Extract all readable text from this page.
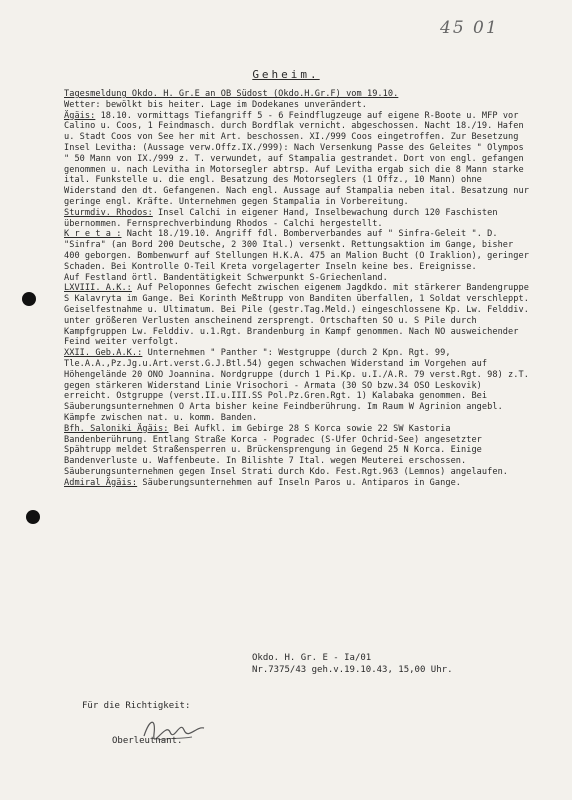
45 01
Geheim.

Tagesmeldung Okdo. H. Gr.E an OB Südost (Okdo.H.Gr.F) vom 19.10.

Wetter: bewölkt bis heiter. Lage im Dodekanes unverändert.

Ägäis: 18.10. vormittags Tiefangriff 5 - 6 Feindflugzeuge auf eigene R-Boote u. MFP vor Calino u. Coos, 1 Feindmasch. durch Bordflak vernicht. abgeschossen. Nacht 18./19. Hafen u. Stadt Coos von See her mit Art. beschossen. XI./999 Coos eingetroffen. Zur Besetzung Insel Levitha: (Aussage verw.Offz.IX./999): Nach Versenkung Passe des Geleites " Olympos " 50 Mann von IX./999 z. T. verwundet, auf Stampalia gestrandet. Dort von engl. gefangen genommen u. nach Levitha in Motorsegler abtrsp. Auf Levitha ergab sich die 8 Mann starke ital. Funkstelle u. die engl. Besatzung des Motorseglers (1 Offz., 10 Mann) ohne Widerstand den dt. Gefangenen. Nach engl. Aussage auf Stampalia neben ital. Besatzung nur geringe engl. Kräfte. Unternehmen gegen Stampalia in Vorbereitung.

Sturmdiv. Rhodos: Insel Calchi in eigener Hand, Inselbewachung durch 120 Faschisten übernommen. Fernsprechverbindung Rhodos - Calchi hergestellt.

K r e t a : Nacht 18./19.10. Angriff fdl. Bomberverbandes auf " Sinfra-Geleit ". D. "Sinfra" (an Bord 200 Deutsche, 2 300 Ital.) versenkt. Rettungsaktion im Gange, bisher 400 geborgen. Bombenwurf auf Stellungen H.K.A. 475 an Malion Bucht (O Iraklion), geringer Schaden. Bei Kontrolle O-Teil Kreta vorgelagerter Inseln keine bes. Ereignisse.

Auf Festland örtl. Bandentätigkeit Schwerpunkt S-Griechenland.

LXVIII. A.K.: Auf Peloponnes Gefecht zwischen eigenem Jagdkdo. mit stärkerer Bandengruppe S Kalavryta im Gange. Bei Korinth Meßtrupp von Banditen überfallen, 1 Soldat verschleppt. Geiselfestnahme u. Ultimatum. Bei Pile (gestr.Tag.Meld.) eingeschlossene Kp. Lw. Felddiv. unter größeren Verlusten anscheinend zersprengt. Ortschaften SO u. S Pile durch Kampfgruppen Lw. Felddiv. u.1.Rgt. Brandenburg in Kampf genommen. Nach NO ausweichender Feind weiter verfolgt.

XXII. Geb.A.K.: Unternehmen " Panther ": Westgruppe (durch 2 Kpn. Rgt. 99, Tle.A.A.,Pz.Jg.u.Art.verst.G.J.Btl.54) gegen schwachen Widerstand im Vorgehen auf Höhengelände 20 ONO Joannina. Nordgruppe (durch 1 Pi.Kp. u.I./A.R. 79 verst.Rgt. 98) z.T. gegen stärkeren Widerstand Linie Vrisochori - Armata (30 SO bzw.34 OSO Leskovik) erreicht. Ostgruppe (verst.II.u.III.SS Pol.Pz.Gren.Rgt. 1) Kalabaka genommen. Bei Säuberungsunternehmen O Arta bisher keine Feindberührung. Im Raum W Agrinion angebl. Kämpfe zwischen nat. u. komm. Banden.

Bfh. Saloniki Ägäis: Bei Aufkl. im Gebirge 28 S Korca sowie 22 SW Kastoria Bandenberührung. Entlang Straße Korca - Pogradec (S-Ufer Ochrid-See) angesetzter Spähtrupp meldet Straßensperren u. Brückensprengung in Gegend 25 N Korca. Einige Bandenverluste u. Waffenbeute. In Bilishte 7 Ital. wegen Meuterei erschossen. Säuberungsunternehmen gegen Insel Strati durch Kdo. Fest.Rgt.963 (Lemnos) angelaufen.

Admiral Ägäis: Säuberungsunternehmen auf Inseln Paros u. Antiparos in Gange.

Okdo. H. Gr. E - Ia/01
Nr.7375/43 geh.v.19.10.43, 15,00 Uhr.
Für die Richtigkeit:
Oberleutnant.
